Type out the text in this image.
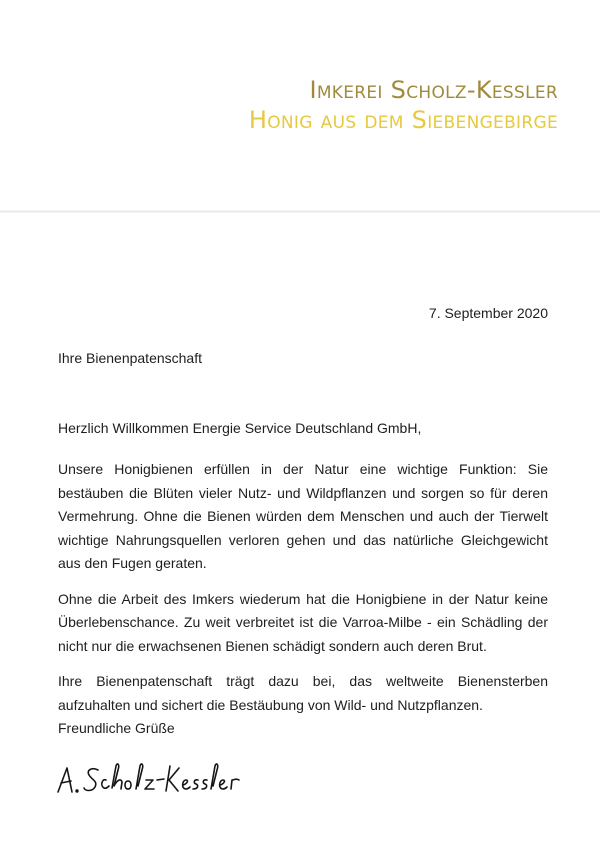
Imkerei Scholz-Kessler
Honig aus dem Siebengebirge
7. September 2020
Ihre Bienenpatenschaft
Herzlich Willkommen Energie Service Deutschland GmbH,

Unsere Honigbienen erfüllen in der Natur eine wichtige Funktion: Sie bestäuben die Blüten vieler Nutz- und Wildpflanzen und sorgen so für deren Vermehrung. Ohne die Bienen würden dem Menschen und auch der Tierwelt wichtige Nahrungsquellen verloren gehen und das natürliche Gleichgewicht aus den Fugen geraten.

Ohne die Arbeit des Imkers wiederum hat die Honigbiene in der Natur keine Überlebenschance. Zu weit verbreitet ist die Varroa-Milbe - ein Schädling der nicht nur die erwachsenen Bienen schädigt sondern auch deren Brut.

Ihre Bienenpatenschaft trägt dazu bei, das weltweite Bienensterben aufzuhalten und sichert die Bestäubung von Wild- und Nutzpflanzen.

Freundliche Grüße
